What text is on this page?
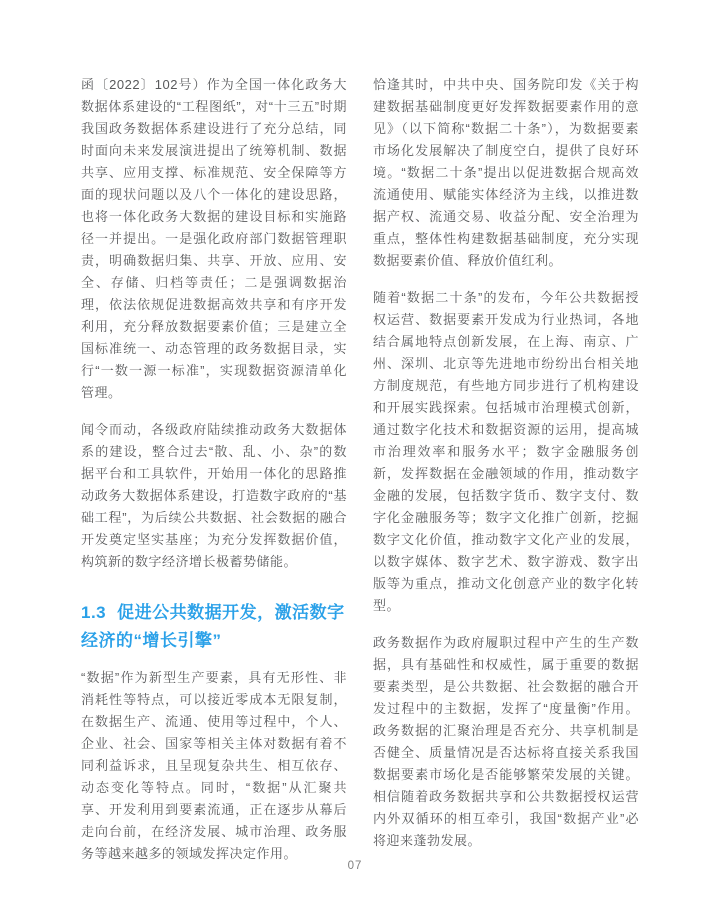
函〔2022〕102号）作为全国一体化政务大数据体系建设的“工程图纸”，对“十三五”时期我国政务数据体系建设进行了充分总结，同时面向未来发展演进提出了统筹机制、数据共享、应用支撑、标准规范、安全保障等方面的现状问题以及八个一体化的建设思路，也将一体化政务大数据的建设目标和实施路径一并提出。一是强化政府部门数据管理职责，明确数据归集、共享、开放、应用、安全、存储、归档等责任；二是强调数据治理，依法依规促进数据高效共享和有序开发利用，充分释放数据要素价值；三是建立全国标准统一、动态管理的政务数据目录，实行“一数一源一标准”，实现数据资源清单化管理。

闻令而动，各级政府陆续推动政务大数据体系的建设，整合过去“散、乱、小、杂”的数据平台和工具软件，开始用一体化的思路推动政务大数据体系建设，打造数字政府的“基础工程”，为后续公共数据、社会数据的融合开发奠定坚实基座；为充分发挥数据价值，构筑新的数字经济增长极蓄势储能。

1.3 促进公共数据开发，激活数字经济的“增长引擎”

“数据”作为新型生产要素，具有无形性、非消耗性等特点，可以接近零成本无限复制，在数据生产、流通、使用等过程中，个人、企业、社会、国家等相关主体对数据有着不同利益诉求，且呈现复杂共生、相互依存、动态变化等特点。同时，“数据”从汇聚共享、开发利用到要素流通，正在逐步从幕后走向台前，在经济发展、城市治理、政务服务等越来越多的领域发挥决定作用。

恰逢其时，中共中央、国务院印发《关于构建数据基础制度更好发挥数据要素作用的意见》（以下简称“数据二十条”），为数据要素市场化发展解决了制度空白，提供了良好环境。“数据二十条”提出以促进数据合规高效流通使用、赋能实体经济为主线，以推进数据产权、流通交易、收益分配、安全治理为重点，整体性构建数据基础制度，充分实现数据要素价值、释放价值红利。

随着“数据二十条”的发布，今年公共数据授权运营、数据要素开发成为行业热词，各地结合属地特点创新发展，在上海、南京、广州、深圳、北京等先进地市纷纷出台相关地方制度规范，有些地方同步进行了机构建设和开展实践探索。包括城市治理模式创新，通过数字化技术和数据资源的运用，提高城市治理效率和服务水平；数字金融服务创新，发挥数据在金融领域的作用，推动数字金融的发展，包括数字货币、数字支付、数字化金融服务等；数字文化推广创新，挖掘数字文化价值，推动数字文化产业的发展，以数字媒体、数字艺术、数字游戏、数字出版等为重点，推动文化创意产业的数字化转型。

政务数据作为政府履职过程中产生的生产数据，具有基础性和权威性，属于重要的数据要素类型，是公共数据、社会数据的融合开发过程中的主数据，发挥了“度量衡”作用。政务数据的汇聚治理是否充分、共享机制是否健全、质量情况是否达标将直接关系我国数据要素市场化是否能够繁荣发展的关键。相信随着政务数据共享和公共数据授权运营内外双循环的相互牵引，我国“数据产业”必将迎来蓬勃发展。

07
